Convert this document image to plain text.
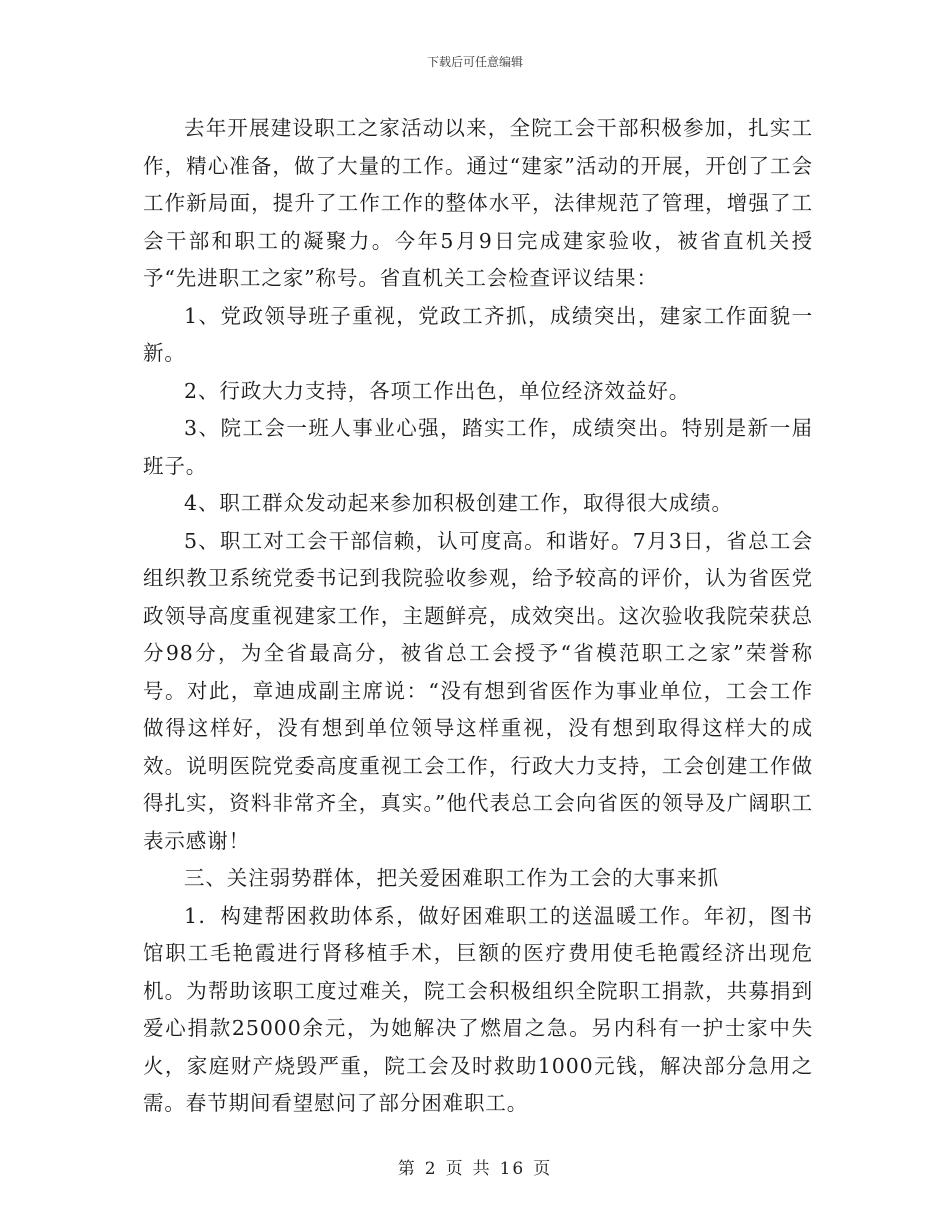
下载后可任意编辑

去年开展建设职工之家活动以来，全院工会干部积极参加，扎实工作，精心准备，做了大量的工作。通过“建家”活动的开展，开创了工会工作新局面，提升了工作工作的整体水平，法律规范了管理，增强了工会干部和职工的凝聚力。今年5月9日完成建家验收，被省直机关授予“先进职工之家”称号。省直机关工会检查评议结果：

1、党政领导班子重视，党政工齐抓，成绩突出，建家工作面貌一新。

2、行政大力支持，各项工作出色，单位经济效益好。

3、院工会一班人事业心强，踏实工作，成绩突出。特别是新一届班子。

4、职工群众发动起来参加积极创建工作，取得很大成绩。

5、职工对工会干部信赖，认可度高。和谐好。7月3日，省总工会组织教卫系统党委书记到我院验收参观，给予较高的评价，认为省医党政领导高度重视建家工作，主题鲜亮，成效突出。这次验收我院荣获总分98分，为全省最高分，被省总工会授予“省模范职工之家”荣誉称号。对此，章迪成副主席说：“没有想到省医作为事业单位，工会工作做得这样好，没有想到单位领导这样重视，没有想到取得这样大的成效。说明医院党委高度重视工会工作，行政大力支持，工会创建工作做得扎实，资料非常齐全，真实。”他代表总工会向省医的领导及广阔职工表示感谢！

三、关注弱势群体，把关爱困难职工作为工会的大事来抓

1．构建帮困救助体系，做好困难职工的送温暖工作。年初，图书馆职工毛艳霞进行肾移植手术，巨额的医疗费用使毛艳霞经济出现危机。为帮助该职工度过难关，院工会积极组织全院职工捐款，共募捐到爱心捐款25000余元，为她解决了燃眉之急。另内科有一护士家中失火，家庭财产烧毁严重，院工会及时救助1000元钱，解决部分急用之需。春节期间看望慰问了部分困难职工。

第 2 页 共 16 页
